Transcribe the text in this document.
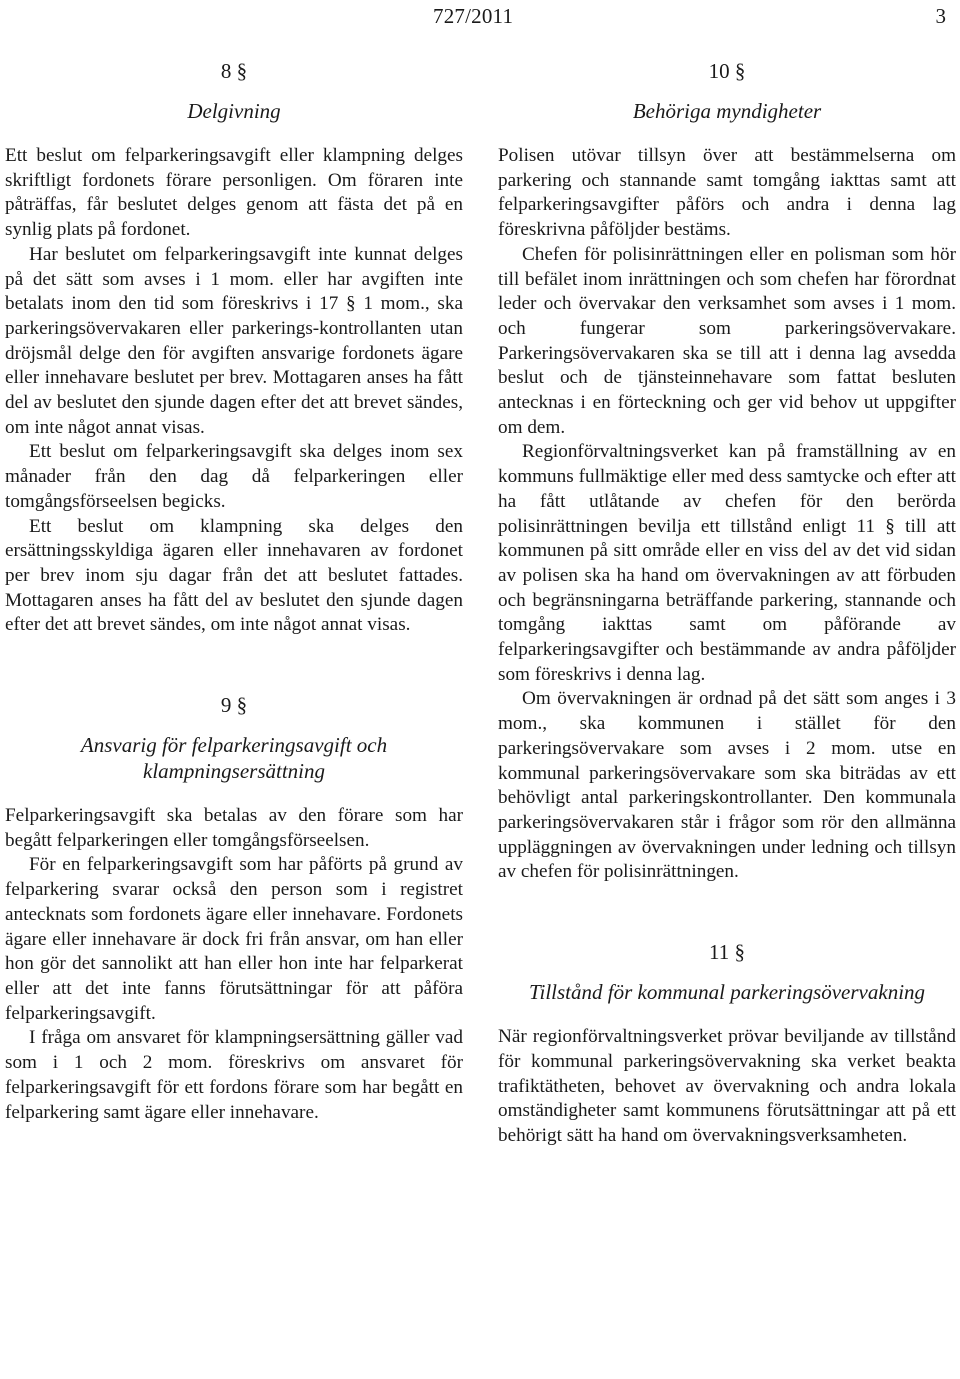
727/2011	3

8 §

Delgivning

Ett beslut om felparkeringsavgift eller klampning delges skriftligt fordonets förare personligen. Om föraren inte påträffas, får beslutet delges genom att fästa det på en synlig plats på fordonet.

Har beslutet om felparkeringsavgift inte kunnat delges på det sätt som avses i 1 mom. eller har avgiften inte betalats inom den tid som föreskrivs i 17 § 1 mom., ska parkeringsövervakaren eller parkerings-kontrollanten utan dröjsmål delge den för avgiften ansvarige fordonets ägare eller innehavare beslutet per brev. Mottagaren anses ha fått del av beslutet den sjunde dagen efter det att brevet sändes, om inte något annat visas.

Ett beslut om felparkeringsavgift ska delges inom sex månader från den dag då felparkeringen eller tomgångsförseelsen begicks.

Ett beslut om klampning ska delges den ersättningsskyldiga ägaren eller innehavaren av fordonet per brev inom sju dagar från det att beslutet fattades. Mottagaren anses ha fått del av beslutet den sjunde dagen efter det att brevet sändes, om inte något annat visas.

9 §

Ansvarig för felparkeringsavgift och klampningsersättning

Felparkeringsavgift ska betalas av den förare som har begått felparkeringen eller tomgångsförseelsen.

För en felparkeringsavgift som har påförts på grund av felparkering svarar också den person som i registret antecknats som fordonets ägare eller innehavare. Fordonets ägare eller innehavare är dock fri från ansvar, om han eller hon gör det sannolikt att han eller hon inte har felparkerat eller att det inte fanns förutsättningar för att påföra felparkeringsavgift.

I fråga om ansvaret för klampningsersättning gäller vad som i 1 och 2 mom. föreskrivs om ansvaret för felparkeringsavgift för ett fordons förare som har begått en felparkering samt ägare eller innehavare.

10 §

Behöriga myndigheter

Polisen utövar tillsyn över att bestämmelserna om parkering och stannande samt tomgång iakttas samt att felparkeringsavgifter påförs och andra i denna lag föreskrivna påföljder bestäms.

Chefen för polisinrättningen eller en polisman som hör till befälet inom inrättningen och som chefen har förordnat leder och övervakar den verksamhet som avses i 1 mom. och fungerar som parkeringsövervakare. Parkeringsövervakaren ska se till att i denna lag avsedda beslut och de tjänsteinnehavare som fattat besluten antecknas i en förteckning och ger vid behov ut uppgifter om dem.

Regionförvaltningsverket kan på framställning av en kommuns fullmäktige eller med dess samtycke och efter att ha fått utlåtande av chefen för den berörda polisinrättningen bevilja ett tillstånd enligt 11 § till att kommunen på sitt område eller en viss del av det vid sidan av polisen ska ha hand om övervakningen av att förbuden och begränsningarna beträffande parkering, stannande och tomgång iakttas samt om påförande av felparkeringsavgifter och bestämmande av andra påföljder som föreskrivs i denna lag.

Om övervakningen är ordnad på det sätt som anges i 3 mom., ska kommunen i stället för den parkeringsövervakare som avses i 2 mom. utse en kommunal parkeringsövervakare som ska biträdas av ett behövligt antal parkeringskontrollanter. Den kommunala parkeringsövervakaren står i frågor som rör den allmänna uppläggningen av övervakningen under ledning och tillsyn av chefen för polisinrättningen.

11 §

Tillstånd för kommunal parkeringsövervakning

När regionförvaltningsverket prövar beviljande av tillstånd för kommunal parkeringsövervakning ska verket beakta trafiktätheten, behovet av övervakning och andra lokala omständigheter samt kommunens förutsättningar att på ett behörigt sätt ha hand om övervakningsverksamheten.
